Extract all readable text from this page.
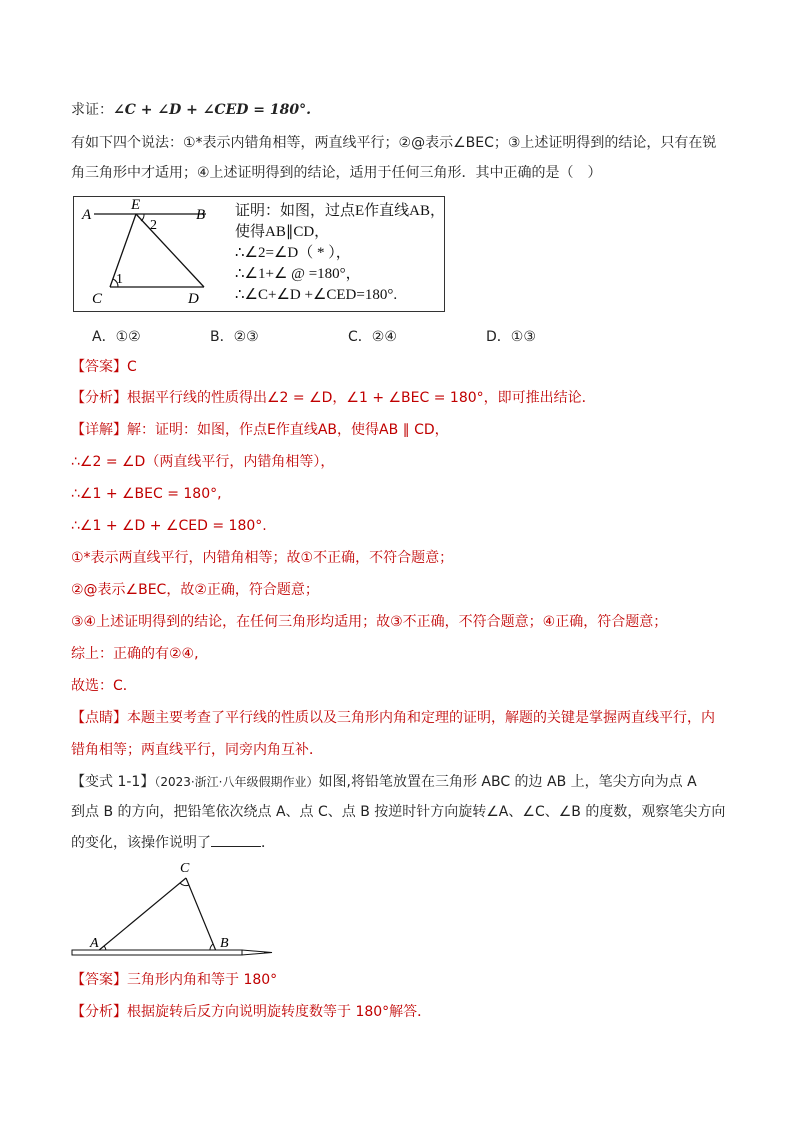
求证：∠C + ∠D + ∠CED = 180°.
有如下四个说法：①*表示内错角相等，两直线平行；②@表示∠BEC；③上述证明得到的结论，只有在锐
角三角形中才适用；④上述证明得到的结论，适用于任何三角形．其中正确的是（　）
A
E
B
C	D
1
2
证明：如图，过点E作直线AB，
使得AB∥CD，
∴∠2=∠D（ * ），
∴∠1+∠ @ =180°，
∴∠C+∠D +∠CED=180°.
A．①②	B．②③	C．②④	D．①③
【答案】C
【分析】根据平行线的性质得出∠2 = ∠D，∠1 + ∠BEC = 180°，即可推出结论．
【详解】解：证明：如图，作点E作直线AB，使得AB ∥ CD，
∴∠2 = ∠D（两直线平行，内错角相等），
∴∠1 + ∠BEC = 180°,
∴∠1 + ∠D + ∠CED = 180°.
①*表示两直线平行，内错角相等；故①不正确，不符合题意；
②@表示∠BEC，故②正确，符合题意；
③④上述证明得到的结论，在任何三角形均适用；故③不正确，不符合题意；④正确，符合题意；
综上：正确的有②④,
故选：C．
【点睛】本题主要考查了平行线的性质以及三角形内角和定理的证明，解题的关键是掌握两直线平行，内
错角相等；两直线平行，同旁内角互补．
【变式 1-1】（2023·浙江·八年级假期作业）如图,将铅笔放置在三角形 ABC 的边 AB 上，笔尖方向为点 A
到点 B 的方向，把铅笔依次绕点 A、点 C、点 B 按逆时针方向旋转∠A、∠C、∠B 的度数，观察笔尖方向
的变化，该操作说明了	．
A	B
C
【答案】三角形内角和等于 180°
【分析】根据旋转后反方向说明旋转度数等于 180°解答．
